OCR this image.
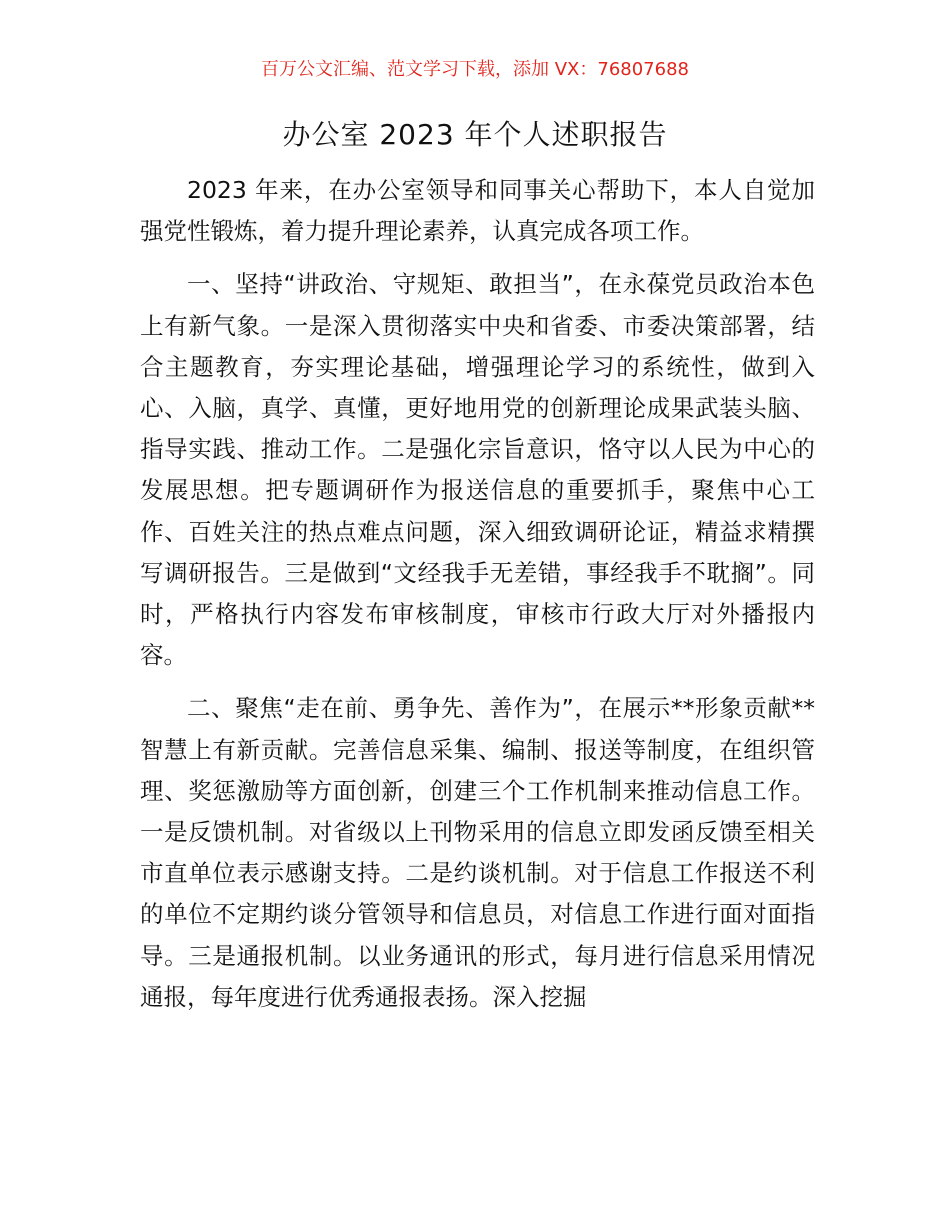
百万公文汇编、范文学习下载，添加 VX：76807688
办公室 2023 年个人述职报告

2023 年来，在办公室领导和同事关心帮助下，本人自觉加强党性锻炼，着力提升理论素养，认真完成各项工作。

一、坚持“讲政治、守规矩、敢担当”，在永葆党员政治本色上有新气象。一是深入贯彻落实中央和省委、市委决策部署，结合主题教育，夯实理论基础，增强理论学习的系统性，做到入心、入脑，真学、真懂，更好地用党的创新理论成果武装头脑、指导实践、推动工作。二是强化宗旨意识，恪守以人民为中心的发展思想。把专题调研作为报送信息的重要抓手，聚焦中心工作、百姓关注的热点难点问题，深入细致调研论证，精益求精撰写调研报告。三是做到“文经我手无差错，事经我手不耽搁”。同时，严格执行内容发布审核制度，审核市行政大厅对外播报内容。

二、聚焦“走在前、勇争先、善作为”，在展示**形象贡献**智慧上有新贡献。完善信息采集、编制、报送等制度，在组织管理、奖惩激励等方面创新，创建三个工作机制来推动信息工作。一是反馈机制。对省级以上刊物采用的信息立即发函反馈至相关市直单位表示感谢支持。二是约谈机制。对于信息工作报送不利的单位不定期约谈分管领导和信息员，对信息工作进行面对面指导。三是通报机制。以业务通讯的形式，每月进行信息采用情况通报，每年度进行优秀通报表扬。深入挖掘
